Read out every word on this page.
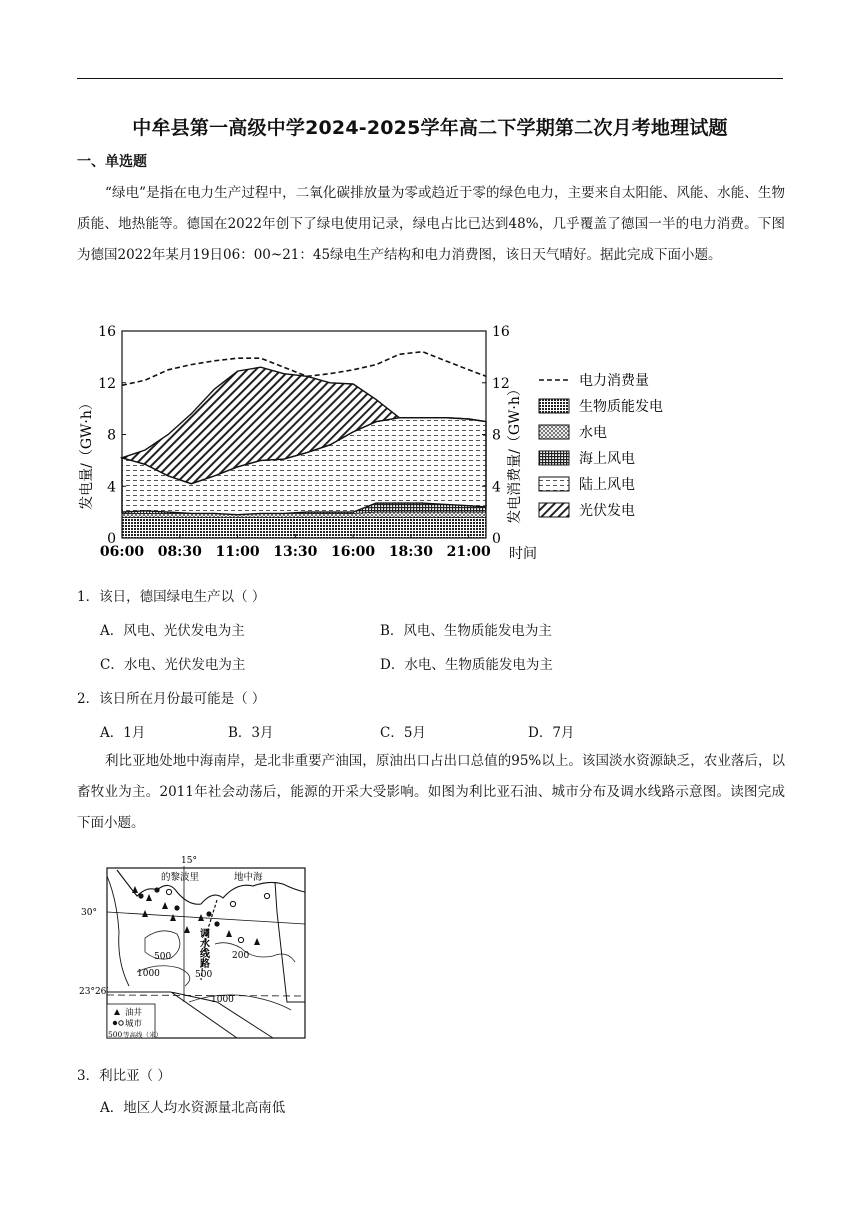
中牟县第一高级中学2024-2025学年高二下学期第二次月考地理试题
一、单选题

“绿电”是指在电力生产过程中，二氧化碳排放量为零或趋近于零的绿色电力，主要来自太阳能、风能、水能、生物质能、地热能等。德国在2022年创下了绿电使用记录，绿电占比已达到48%，几乎覆盖了德国一半的电力消费。下图为德国2022年某月19日06：00~21：45绿电生产结构和电力消费图，该日天气晴好。据此完成下面小题。

0	0
4	4
8	8
12	12
16	16
06:00 08:30 11:00 13:30 16:00 18:30 21:00
发电量/（GW·h）	发电消费量/（GW·h）
时间
电力消费量
生物质能发电
水电
海上风电
陆上风电
光伏发电
1．该日，德国绿电生产以（ ）
A．风电、光伏发电为主	B．风电、生物质能发电为主
C．水电、光伏发电为主	D．水电、生物质能发电为主
2．该日所在月份最可能是（ ）
A．1月	B．3月	C．5月	D．7月

利比亚地处地中海南岸，是北非重要产油国，原油出口占出口总值的95%以上。该国淡水资源缺乏，农业落后，以畜牧业为主。2011年社会动荡后，能源的开采大受影响。如图为利比亚石油、城市分布及调水线路示意图。读图完成下面小题。

15°
的黎波里	地中海
30°
23°26′
调水线路
500
1000	500
200
1000
油井
城市
500 等高线（米）
3．利比亚（ ）
A．地区人均水资源量北高南低
